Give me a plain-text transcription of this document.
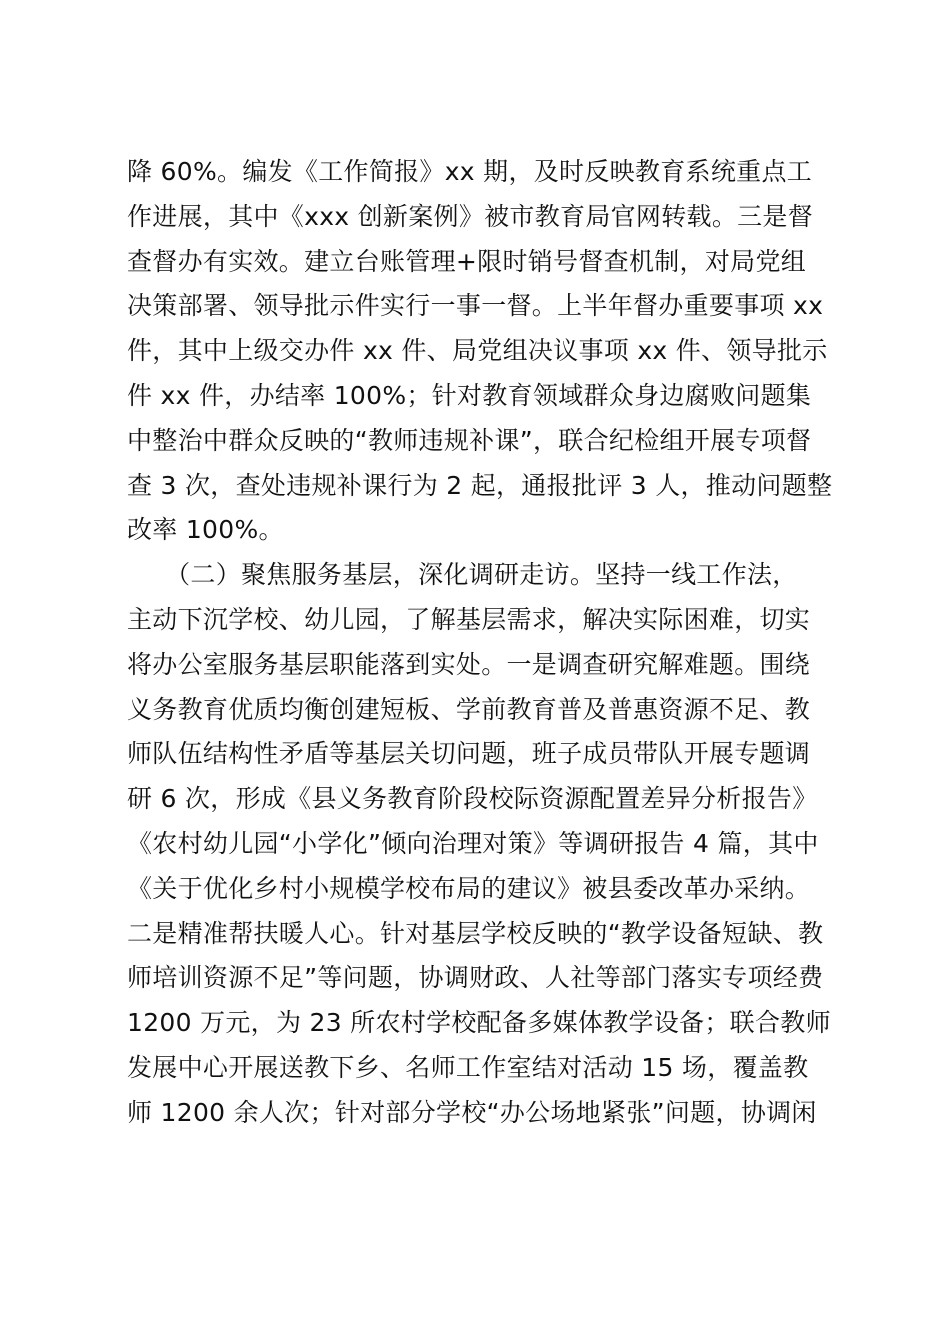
降 60%。编发《工作简报》xx 期，及时反映教育系统重点工
作进展，其中《xxx 创新案例》被市教育局官网转载。三是督
查督办有实效。建立台账管理+限时销号督查机制，对局党组
决策部署、领导批示件实行一事一督。上半年督办重要事项 xx
件，其中上级交办件 xx 件、局党组决议事项 xx 件、领导批示
件 xx 件，办结率 100%；针对教育领域群众身边腐败问题集
中整治中群众反映的“教师违规补课”，联合纪检组开展专项督
查 3 次，查处违规补课行为 2 起，通报批评 3 人，推动问题整
改率 100%。
　　（二）聚焦服务基层，深化调研走访。坚持一线工作法，
主动下沉学校、幼儿园，了解基层需求，解决实际困难，切实
将办公室服务基层职能落到实处。一是调查研究解难题。围绕
义务教育优质均衡创建短板、学前教育普及普惠资源不足、教
师队伍结构性矛盾等基层关切问题，班子成员带队开展专题调
研 6 次，形成《县义务教育阶段校际资源配置差异分析报告》
《农村幼儿园“小学化”倾向治理对策》等调研报告 4 篇，其中
《关于优化乡村小规模学校布局的建议》被县委改革办采纳。
二是精准帮扶暖人心。针对基层学校反映的“教学设备短缺、教
师培训资源不足”等问题，协调财政、人社等部门落实专项经费
1200 万元，为 23 所农村学校配备多媒体教学设备；联合教师
发展中心开展送教下乡、名师工作室结对活动 15 场，覆盖教
师 1200 余人次；针对部分学校“办公场地紧张”问题，协调闲
